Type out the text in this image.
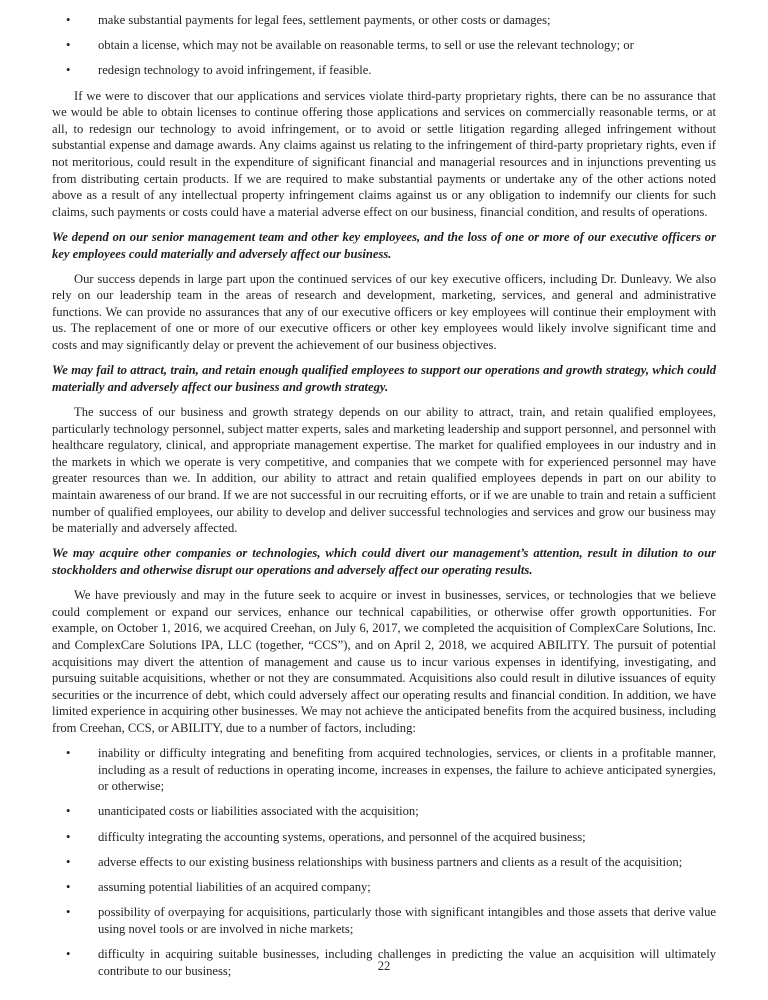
•	make substantial payments for legal fees, settlement payments, or other costs or damages;
•	obtain a license, which may not be available on reasonable terms, to sell or use the relevant technology; or
•	redesign technology to avoid infringement, if feasible.

If we were to discover that our applications and services violate third-party proprietary rights, there can be no assurance that we would be able to obtain licenses to continue offering those applications and services on commercially reasonable terms, or at all, to redesign our technology to avoid infringement, or to avoid or settle litigation regarding alleged infringement without substantial expense and damage awards. Any claims against us relating to the infringement of third-party proprietary rights, even if not meritorious, could result in the expenditure of significant financial and managerial resources and in injunctions preventing us from distributing certain products. If we are required to make substantial payments or undertake any of the other actions noted above as a result of any intellectual property infringement claims against us or any obligation to indemnify our clients for such claims, such payments or costs could have a material adverse effect on our business, financial condition, and results of operations.

We depend on our senior management team and other key employees, and the loss of one or more of our executive officers or key employees could materially and adversely affect our business.

Our success depends in large part upon the continued services of our key executive officers, including Dr. Dunleavy. We also rely on our leadership team in the areas of research and development, marketing, services, and general and administrative functions. We can provide no assurances that any of our executive officers or key employees will continue their employment with us. The replacement of one or more of our executive officers or other key employees would likely involve significant time and costs and may significantly delay or prevent the achievement of our business objectives.

We may fail to attract, train, and retain enough qualified employees to support our operations and growth strategy, which could materially and adversely affect our business and growth strategy.

The success of our business and growth strategy depends on our ability to attract, train, and retain qualified employees, particularly technology personnel, subject matter experts, sales and marketing leadership and support personnel, and personnel with healthcare regulatory, clinical, and appropriate management expertise. The market for qualified employees in our industry and in the markets in which we operate is very competitive, and companies that we compete with for experienced personnel may have greater resources than we. In addition, our ability to attract and retain qualified employees depends in part on our ability to maintain awareness of our brand. If we are not successful in our recruiting efforts, or if we are unable to train and retain a sufficient number of qualified employees, our ability to develop and deliver successful technologies and services and grow our business may be materially and adversely affected.

We may acquire other companies or technologies, which could divert our management’s attention, result in dilution to our stockholders and otherwise disrupt our operations and adversely affect our operating results.

We have previously and may in the future seek to acquire or invest in businesses, services, or technologies that we believe could complement or expand our services, enhance our technical capabilities, or otherwise offer growth opportunities. For example, on October 1, 2016, we acquired Creehan, on July 6, 2017, we completed the acquisition of ComplexCare Solutions, Inc. and ComplexCare Solutions IPA, LLC (together, “CCS”), and on April 2, 2018, we acquired ABILITY. The pursuit of potential acquisitions may divert the attention of management and cause us to incur various expenses in identifying, investigating, and pursuing suitable acquisitions, whether or not they are consummated. Acquisitions also could result in dilutive issuances of equity securities or the incurrence of debt, which could adversely affect our operating results and financial condition. In addition, we have limited experience in acquiring other businesses. We may not achieve the anticipated benefits from the acquired business, including from Creehan, CCS, or ABILITY, due to a number of factors, including:

•	inability or difficulty integrating and benefiting from acquired technologies, services, or clients in a profitable manner, including as a result of reductions in operating income, increases in expenses, the failure to achieve anticipated synergies, or otherwise;
•	unanticipated costs or liabilities associated with the acquisition;
•	difficulty integrating the accounting systems, operations, and personnel of the acquired business;
•	adverse effects to our existing business relationships with business partners and clients as a result of the acquisition;
•	assuming potential liabilities of an acquired company;
•	possibility of overpaying for acquisitions, particularly those with significant intangibles and those assets that derive value using novel tools or are involved in niche markets;
•	difficulty in acquiring suitable businesses, including challenges in predicting the value an acquisition will ultimately contribute to our business;	22
